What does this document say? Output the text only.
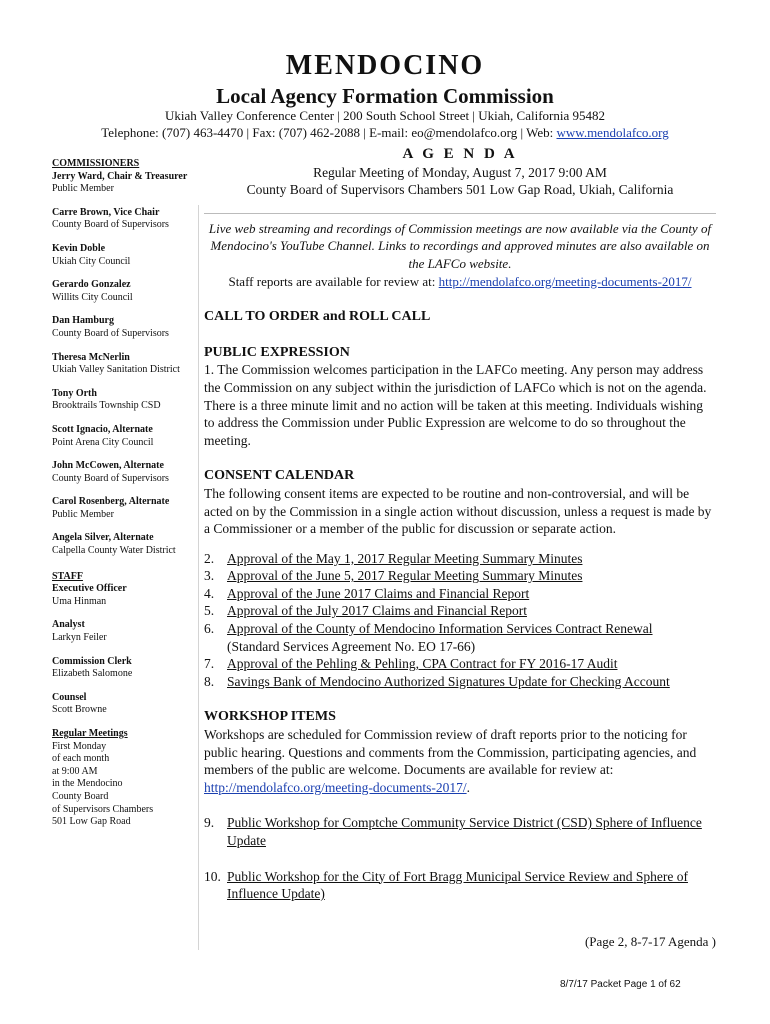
MENDOCINO
Local Agency Formation Commission
Ukiah Valley Conference Center | 200 South School Street | Ukiah, California 95482
Telephone: (707) 463-4470 | Fax: (707) 462-2088 | E-mail: eo@mendolafco.org | Web: www.mendolafco.org
COMMISSIONERS
Jerry Ward, Chair & Treasurer
Public Member
Carre Brown, Vice Chair
County Board of Supervisors
Kevin Doble
Ukiah City Council
Gerardo Gonzalez
Willits City Council
Dan Hamburg
County Board of Supervisors
Theresa McNerlin
Ukiah Valley Sanitation District
Tony Orth
Brooktrails Township CSD
Scott Ignacio, Alternate
Point Arena City Council
John McCowen, Alternate
County Board of Supervisors
Carol Rosenberg, Alternate
Public Member
Angela Silver, Alternate
Calpella County Water District
STAFF
Executive Officer
Uma Hinman
Analyst
Larkyn Feiler
Commission Clerk
Elizabeth Salomone
Counsel
Scott Browne
Regular Meetings
First Monday
of each month
at 9:00 AM
in the Mendocino
County Board
of Supervisors Chambers
501 Low Gap Road
A G E N D A
Regular Meeting of Monday, August 7, 2017 9:00 AM
County Board of Supervisors Chambers 501 Low Gap Road, Ukiah, California
Live web streaming and recordings of Commission meetings are now available via the County of Mendocino's YouTube Channel. Links to recordings and approved minutes are also available on the LAFCo website.
Staff reports are available for review at: http://mendolafco.org/meeting-documents-2017/
CALL TO ORDER and ROLL CALL
PUBLIC EXPRESSION
1. The Commission welcomes participation in the LAFCo meeting. Any person may address the Commission on any subject within the jurisdiction of LAFCo which is not on the agenda. There is a three minute limit and no action will be taken at this meeting. Individuals wishing to address the Commission under Public Expression are welcome to do so throughout the meeting.
CONSENT CALENDAR
The following consent items are expected to be routine and non-controversial, and will be acted on by the Commission in a single action without discussion, unless a request is made by a Commissioner or a member of the public for discussion or separate action.
2. Approval of the May 1, 2017 Regular Meeting Summary Minutes
3. Approval of the June 5, 2017 Regular Meeting Summary Minutes
4. Approval of the June 2017 Claims and Financial Report
5. Approval of the July 2017 Claims and Financial Report
6. Approval of the County of Mendocino Information Services Contract Renewal
(Standard Services Agreement No. EO 17-66)
7. Approval of the Pehling & Pehling, CPA Contract for FY 2016-17 Audit
8. Savings Bank of Mendocino Authorized Signatures Update for Checking Account
WORKSHOP ITEMS
Workshops are scheduled for Commission review of draft reports prior to the noticing for public hearing. Questions and comments from the Commission, participating agencies, and members of the public are welcome. Documents are available for review at: http://mendolafco.org/meeting-documents-2017/.
9. Public Workshop for Comptche Community Service District (CSD) Sphere of Influence Update
10. Public Workshop for the City of Fort Bragg Municipal Service Review and Sphere of Influence Update)
(Page 2, 8-7-17 Agenda )
8/7/17 Packet Page 1 of 62
